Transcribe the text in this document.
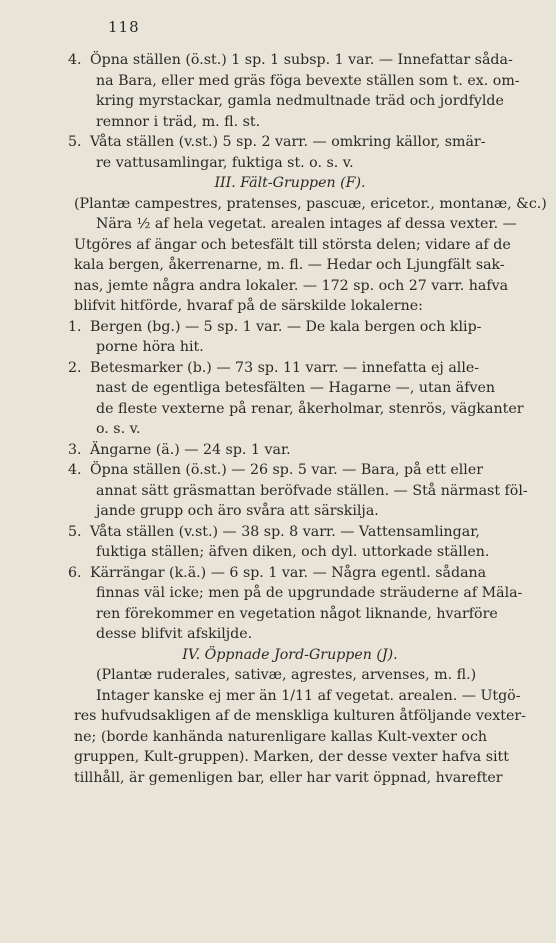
118
4. Öpna ställen (ö.st.) 1 sp. 1 subsp. 1 var. — Innefattar såda-
na Bara, eller med gräs föga bevexte ställen som t. ex. om-
kring myrstackar, gamla nedmultnade träd och jordfylde
remnor i träd, m. fl. st.
5. Våta ställen (v.st.) 5 sp. 2 varr. — omkring källor, smär-
re vattusamlingar, fuktiga st. o. s. v.
III. Fält-Gruppen (F).
(Plantæ campestres, pratenses, pascuæ, ericetor., montanæ, &c.)
Nära ½ af hela vegetat. arealen intages af dessa vexter. —
Utgöres af ängar och betesfält till största delen; vidare af de
kala bergen, åkerrenarne, m. fl. — Hedar och Ljungfält sak-
nas, jemte några andra lokaler. — 172 sp. och 27 varr. hafva
blifvit hitförde, hvaraf på de särskilde lokalerne:
1. Bergen (bg.) — 5 sp. 1 var. — De kala bergen och klip-
porne höra hit.
2. Betesmarker (b.) — 73 sp. 11 varr. — innefatta ej alle-
nast de egentliga betesfälten — Hagarne —, utan äfven
de fleste vexterne på renar, åkerholmar, stenrös, vägkanter
o. s. v.
3. Ängarne (ä.) — 24 sp. 1 var.
4. Öpna ställen (ö.st.) — 26 sp. 5 var. — Bara, på ett eller
annat sätt gräsmattan beröfvade ställen. — Stå närmast föl-
jande grupp och äro svåra att särskilja.
5. Våta ställen (v.st.) — 38 sp. 8 varr. — Vattensamlingar,
fuktiga ställen; äfven diken, och dyl. uttorkade ställen.
6. Kärrängar (k.ä.) — 6 sp. 1 var. — Några egentl. sådana
finnas väl icke; men på de upgrundade sträuderne af Mäla-
ren förekommer en vegetation något liknande, hvarföre
desse blifvit afskiljde.
IV. Öppnade Jord-Gruppen (J).
(Plantæ ruderales, sativæ, agrestes, arvenses, m. fl.)
Intager kanske ej mer än 1/11 af vegetat. arealen. — Utgö-
res hufvudsakligen af de menskliga kulturen åtföljande vexter-
ne; (borde kanhända naturenligare kallas Kult-vexter och
gruppen, Kult-gruppen). Marken, der desse vexter hafva sitt
tillhåll, är gemenligen bar, eller har varit öppnad, hvarefter
